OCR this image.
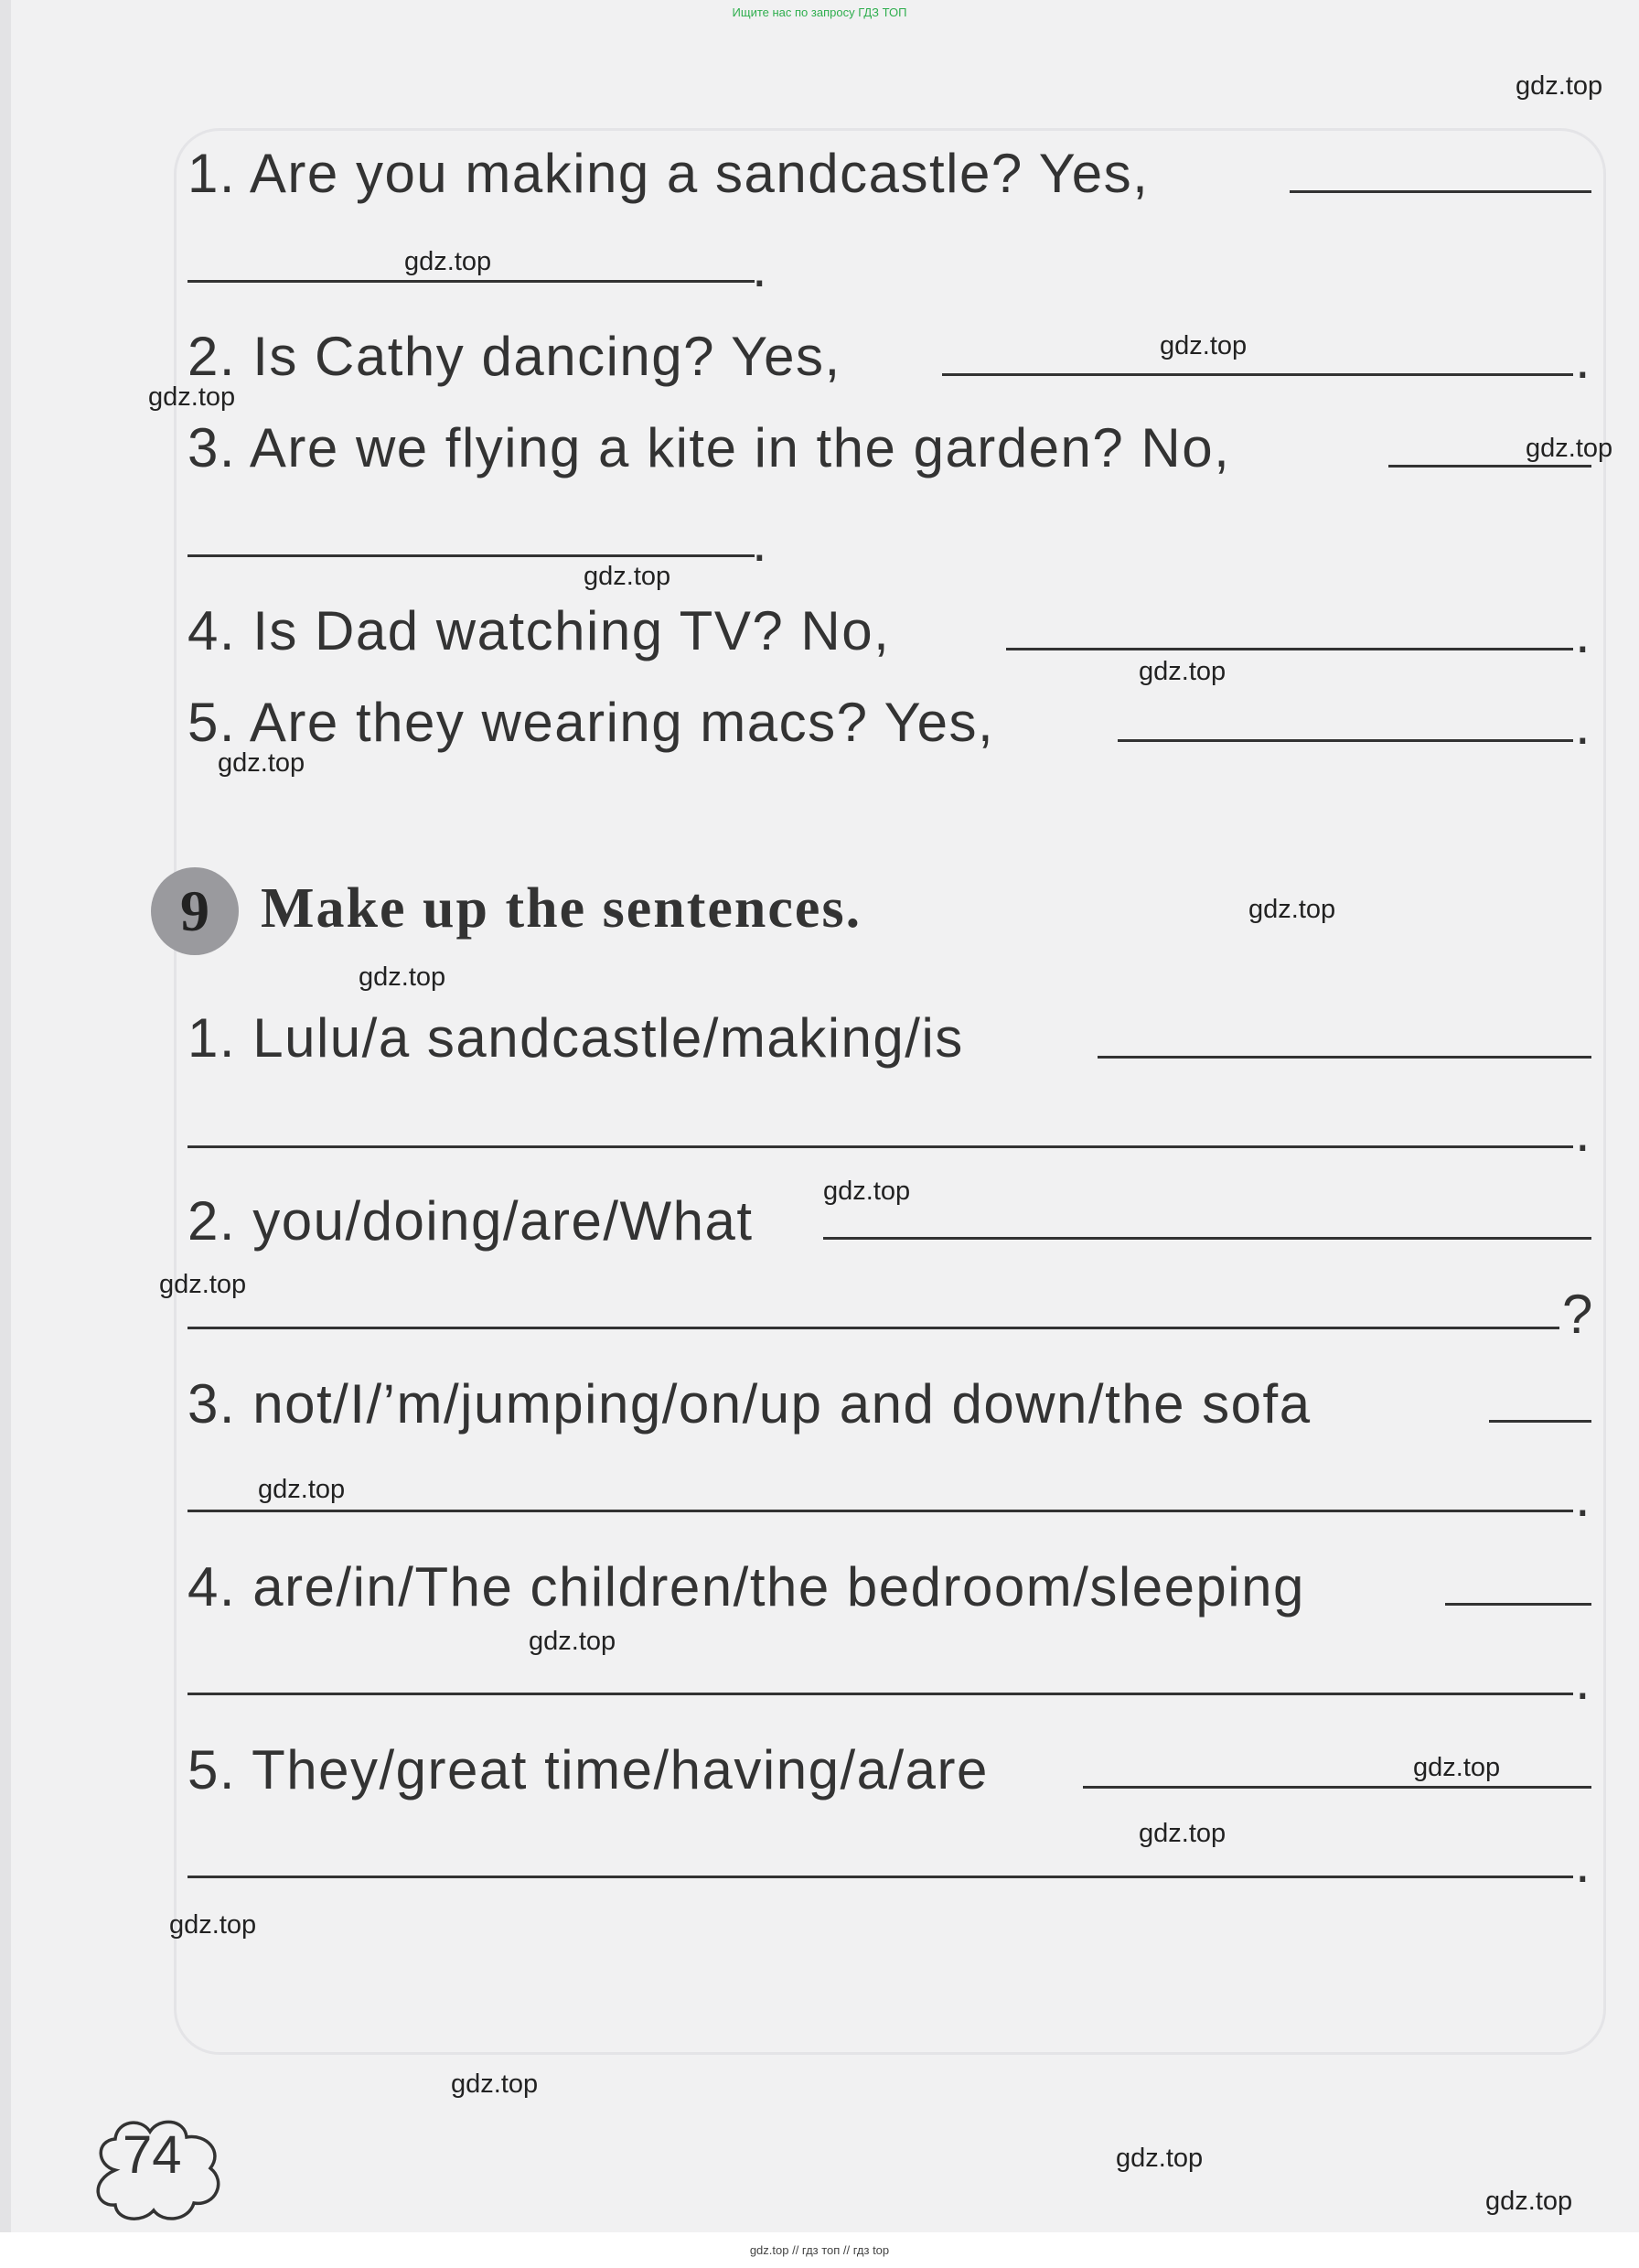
Ищите нас по запросу ГДЗ ТОП
1. Are you making a sandcastle? Yes,
.
2. Is Cathy dancing? Yes,	.
3. Are we flying a kite in the garden? No,
.
4. Is Dad watching TV? No,	.
5. Are they wearing macs? Yes,	.
9 Make up the sentences.
1. Lulu/a sandcastle/making/is
.
2. you/doing/are/What
?
3. not/I/’m/jumping/on/up and down/the sofa
.
4. are/in/The children/the bedroom/sleeping
.
5. They/great time/having/a/are
.
gdz.top
gdz.top
gdz.top
gdz.top
gdz.top
gdz.top
gdz.top
gdz.top
gdz.top
gdz.top
gdz.top
gdz.top
gdz.top
gdz.top
gdz.top
gdz.top
gdz.top
gdz.top
gdz.top
gdz.top
74
gdz.top // гдз топ // гдз top
